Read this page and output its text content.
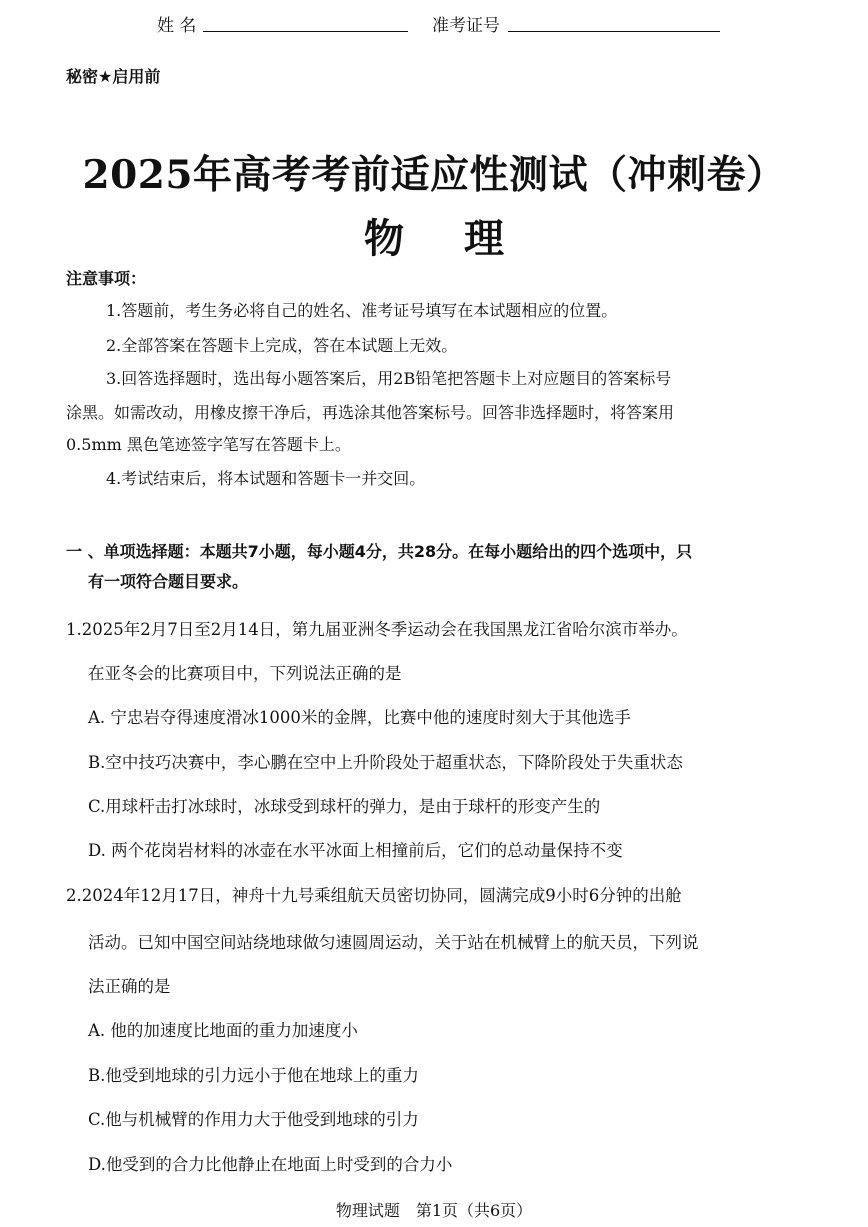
姓 名	准考证号
秘密★启用前
2025年高考考前适应性测试（冲刺卷）
物理
注意事项：
1.答题前，考生务必将自己的姓名、准考证号填写在本试题相应的位置。
2.全部答案在答题卡上完成，答在本试题上无效。
3.回答选择题时，选出每小题答案后，用2B铅笔把答题卡上对应题目的答案标号
涂黑。如需改动，用橡皮擦干净后，再选涂其他答案标号。回答非选择题时，将答案用
0.5mm 黑色笔迹签字笔写在答题卡上。
4.考试结束后，将本试题和答题卡一并交回。
一 、单项选择题：本题共7小题，每小题4分，共28分。在每小题给出的四个选项中，只
有一项符合题目要求。
1.2025年2月7日至2月14日，第九届亚洲冬季运动会在我国黑龙江省哈尔滨市举办。
在亚冬会的比赛项目中，下列说法正确的是
A. 宁忠岩夺得速度滑冰1000米的金牌，比赛中他的速度时刻大于其他选手
B.空中技巧决赛中，李心鹏在空中上升阶段处于超重状态，下降阶段处于失重状态
C.用球杆击打冰球时，冰球受到球杆的弹力，是由于球杆的形变产生的
D. 两个花岗岩材料的冰壶在水平冰面上相撞前后，它们的总动量保持不变
2.2024年12月17日，神舟十九号乘组航天员密切协同，圆满完成9小时6分钟的出舱
活动。已知中国空间站绕地球做匀速圆周运动，关于站在机械臂上的航天员，下列说
法正确的是
A. 他的加速度比地面的重力加速度小
B.他受到地球的引力远小于他在地球上的重力
C.他与机械臂的作用力大于他受到地球的引力
D.他受到的合力比他静止在地面上时受到的合力小
物理试题　第1页（共6页）
